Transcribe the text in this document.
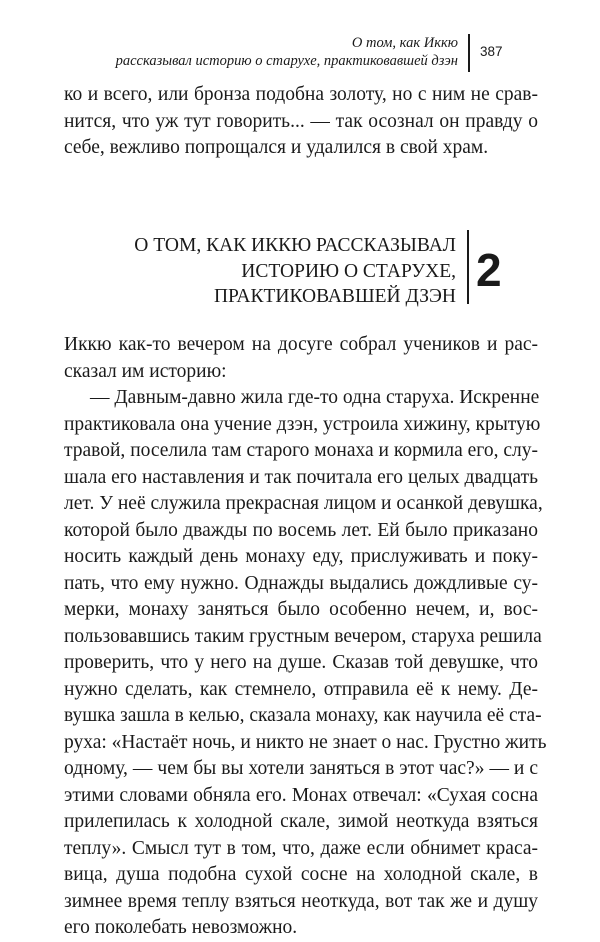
О том, как Иккю
рассказывал историю о старухе, практиковавшей дзэн
387
ко и всего, или бронза подобна золоту, но с ним не срав-
нится, что уж тут говорить... — так осознал он правду о
себе, вежливо попрощался и удалился в свой храм.
О ТОМ, КАК ИККЮ РАССКАЗЫВАЛ
ИСТОРИЮ О СТАРУХЕ,
ПРАКТИКОВАВШЕЙ ДЗЭН
2
Иккю как-то вечером на досуге собрал учеников и рас-
сказал им историю:
— Давным-давно жила где-то одна старуха. Искренне
практиковала она учение дзэн, устроила хижину, крытую
травой, поселила там старого монаха и кормила его, слу-
шала его наставления и так почитала его целых двадцать
лет. У неё служила прекрасная лицом и осанкой девушка,
которой было дважды по восемь лет. Ей было приказано
носить каждый день монаху еду, прислуживать и поку-
пать, что ему нужно. Однажды выдались дождливые су-
мерки, монаху заняться было особенно нечем, и, вос-
пользовавшись таким грустным вечером, старуха решила
проверить, что у него на душе. Сказав той девушке, что
нужно сделать, как стемнело, отправила её к нему. Де-
вушка зашла в келью, сказала монаху, как научила её ста-
руха: «Настаёт ночь, и никто не знает о нас. Грустно жить
одному, — чем бы вы хотели заняться в этот час?» — и с
этими словами обняла его. Монах отвечал: «Сухая сосна
прилепилась к холодной скале, зимой неоткуда взяться
теплу». Смысл тут в том, что, даже если обнимет краса-
вица, душа подобна сухой сосне на холодной скале, в
зимнее время теплу взяться неоткуда, вот так же и душу
его поколебать невозможно.
